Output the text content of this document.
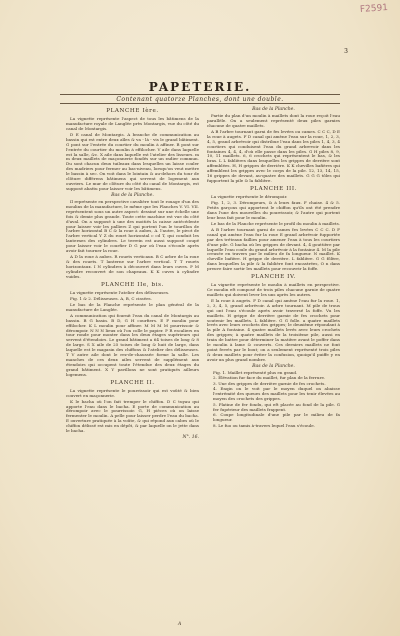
F2591
3
PAPETERIE.
Contenant quatorze Planches, dont une double.

PLANCHE Ière.

La vignette représente l'aspect de tous les bâtimens de la manufacture royale de Langlée près Montargis, vue du côté du canal de Montargis.

D E canal de Montargis. A branche de communication au bassin qui est entre deux aîles & va - là - vis le grand bâtiment. G pont sur l'entrée du courtier du moulin à affiner. B pont sur l'entrée du courtier du moulin à effilocher. V aile dans laquelle est la salle, &c. X aile dans laquelle est l'atelier des lisseurs. m m deux maillets de maçonnerie fondés sur un radier commun. Du sont chacun deux tuileaux dans lesquelles un laisse couler des madriers pour fermer au bas-niveau, lorsqu'on veut mettre le bassin à sec. On voit dans le lointain & au-dehors du tour de clôture différens bâtimens qui servent de logement aux ouvriers. Le mur de clôture du côté du canal de Montargis, est supposé abattu pour laisser voir les bâtimens.

Bas de la Planche.

Il représente en perspective cavalière tout le rouage d'un des moulins de la manufacture, le même que les Planches V. VI. VII. représentent sous un autre aspect: dessiné sur une échelle une fois & demie plus grande. Toute cette machine est vue du côté d'aval. On a supposé à une des moitiés la caisse antécédente pour laisser voir les palliers Z qui portent l'un le tourillon de l'arbre horizontal B C & la roue à aubes, A. l'autre, le pivot de l'arbre vertical Y Z du rouet horizontal c cd T, qui conduit les lanternes des cylindres. Le terrein est aussi supposé coupé pour laisser voir le courfier D G par où l'eau s'écoule après avoir fait tourner la roue.

A D la roue à aubes. R rouets verticaux. B C arbre de la roue & des rouets. T lanterne sur l'arbre vertical. T T rouets horizontaux. I N cylindres à découvert dans leurs cuves. P M cylindre recouvert de son chapeaux. K K cuves à cylindre vuides.

PLANCHE IIe, bis.

La vignette représente l'atelier des délisseuses.

Fig. 1 & 2. Délisseuses. A, B, C cissées.

Le bas de la Planche représente le plan général de la manufacture de Langlée.

A communication qui fournit l'eau du canal de Montargis au bassin. B G basin. B D, G H courfiers. E F moulin pour effilocher. K L moulin pour affiner. M M M M pourrissoir & dérompoir. N N N lieux où l'on colle le papier. P R escaliers en tour ronde pour monter dans les deux étages supérieurs qui servent d'étendoirs. Le grand bâtiment a 64 toises de long & 8 de large. S X aile de 25 toises de long & huit de large, dans laquelle est le magasin des chiffons & l'atelier des délisseuses. T V autre aile dont le rez-de-chaussée forme la salle. Les manches de ces deux ailes servent de supplément aux étendoirs qui occupent toute l'étendue des deux étages du grand bâtiment. X Y pavillons ne sont pratiqués ailleurs logemens.

PLANCHE II.

La vignette représente le pourrissoir qui est voûté & bien couvert en maçonnerie.

K le bacha où l'on fait tremper le chiffon. D C tuyau qui apporte l'eau dans le bacha. E porte de communication au dérompoir avec le pourrissoir. G, H pièces où on laisse fermenter le moulin. A pelle pour laisser perdre l'eau du bacha. E ouverture pratiquée à la voûte, & qui répond aux cabes où le chiffon délissé est mis en dépôt, & par laquelle on le jette dans le bacha.

N°. 16.

Bas de la Planche.

Partie du plan d'un moulin à maillets dont la roue reçoit l'eau parallèle. On a seulement représenté deux piles garnies chacune de quatre maillets.

A B l'arbre tournant garni de fes levées ou cames. C C C, D E la roue à augets. F D canal qui amène l'eau sur la roue, 1, 2, 3, 4, 5, grand arbrévoir qui distribue l'eau dans les piles 1, 4, 3, 4 courtiers qui conduisent l'eau du grand arbrevoir dans les fontaines 4, 4, 4, d'où elle passe dans les piles. G H piles 8, 9, 10, 11 maillets. 6, 6 crochets qui représentent le bas, & les bras. L L fablières dans lesquelles les grippes de derrière sont affemblées. H, H grippes de derrière. K K chevilles bafières qui affemblent les grippes avec le corps de la pile. 12, 13, 14, 15, 16 grippes de devant, au-quatre des maillets. G G G tôles qui fupportent la pile & la fablière.

PLANCHE III.

La vignette représente le dérompoir.

Fig. 1, 2, 3. Dérompeurs, & à leurs faux. F chaise. 4 & 5. Petits garçons qui apportent le chiffon qu'ils ont été prendre dans l'une des mouvelles du pourrissoir, & l'autre qui portent leur bras fait pour le moulin.

Le bas de la Planche représente le profil du moulin à maillets.

A B l'arbre tournant garni de cames fes levées C C C. D F canal qui amène l'eau fur la roue E grand arbrévoir fupportée par des tréteaux faillies pour amener l'eau à tous les courtiers d'une pile. G bacha où les grippes de devant. 4, 4 gouttière par laquelle l'eau coule du grand arbrévoir à la fontaine 4. M la pile creusée en travers par le milieu de fa longueur. N maillet. K cheville bafière. H grippe de derrière. L fablière. G G fôlère, dans lesquelles la pile & la fablière font encastrées, O n dans preuve faire sortir les maillets pour recouvrir la foffe.

PLANCHE IV.

La vignette représente le moulin à maillets en perspective. Ce moulin eft composé de trois piles chacune garnie de quatre maillets qui doivent lever les uns après les autres.

E la roue à augets. F D canal qui amène l'eau fur la roue. 1, 2, 3, 4, 5, grand arbrévoir. A arbre tournant. M pile de trous qui ont l'eau s'écoule après avoir traversé la foffe. Vu les maillets. H grippe de derrière garnie de fes crochets pour soutenir les maillets. L fablière. G G folle. a quatre maillets levés avec leurs crochets des grippes; le deuxième répondant à la pile A fontaine. 4 quatre maillets levés avec leurs crochets des grippes; à quatre maillets de la troisième pile, aussi en train de battre pour déterminer la matière avant le poffer dans le moulin à lame & couverts. Ces derniers maillets ne font point ferrés par le bout; on a seulement représenté trois piles & deux maillets pour éviter la confusion, quoiqu'il puiffe y en avoir un plus grand nombre.

Bas de la Planche.

Fig. 1. Maillet représenté plus en grand.
2. Élévation fur face du maillet, fur plan de la ferrure.
3. Une des grippes de derrière garnie de fes crochets.
4. Enqin on le voit par le moyen duquel on abaisse l'extrémité des queues des maillets pour les tenir élevées au moyen des crochets des grippes.
5. Platine de fer fondu, qui eft placée au fond de la pile. G fer fupérieur des maillets frappent.
6. Coupe longitudinale d'une pile par le milieu de fa longueur.
8. Le fuo ou tamis à-travers lequel l'eau s'écoule.
A
